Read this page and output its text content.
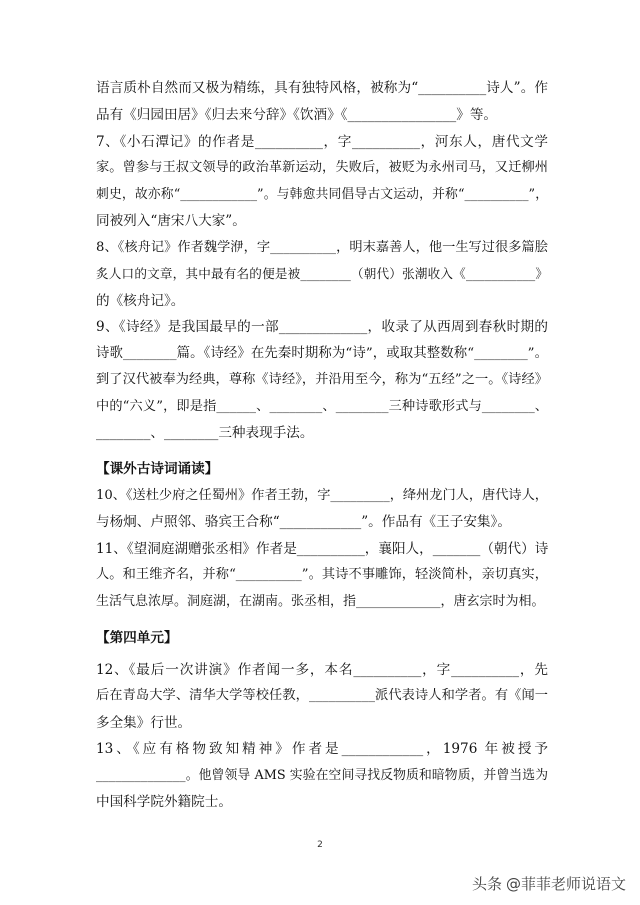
语言质朴自然而又极为精练，具有独特风格，被称为“__________诗人”。作
品有《归园田居》《归去来兮辞》《饮酒》《________________》等。
7、《小石潭记》的作者是__________，字__________，河东人，唐代文学
家。曾参与王叔文领导的政治革新运动，失败后，被贬为永州司马，又迁柳州
刺史，故亦称“____________”。与韩愈共同倡导古文运动，并称“__________”，
同被列入“唐宋八大家”。
8、《核舟记》作者魏学洢，字__________，明末嘉善人，他一生写过很多篇脍
炙人口的文章，其中最有名的便是被________（朝代）张潮收入《___________》
的《核舟记》。
9、《诗经》是我国最早的一部_____________，收录了从西周到春秋时期的
诗歌________篇。《诗经》在先秦时期称为“诗”，或取其整数称“________”。
到了汉代被奉为经典，尊称《诗经》，并沿用至今，称为“五经”之一。《诗经》
中的“六义”，即是指______、________、________三种诗歌形式与________、
________、________三种表现手法。
【课外古诗词诵读】
10、《送杜少府之任蜀州》作者王勃，字_________，绛州龙门人，唐代诗人，
与杨炯、卢照邻、骆宾王合称“____________”。作品有《王子安集》。
11、《望洞庭湖赠张丞相》作者是__________，襄阳人，_______（朝代）诗
人。和王维齐名，并称“__________”。其诗不事雕饰，轻淡简朴，亲切真实，
生活气息浓厚。洞庭湖，在湖南。张丞相，指_____________，唐玄宗时为相。
【第四单元】
12、《最后一次讲演》作者闻一多，本名__________，字__________，先
后在青岛大学、清华大学等校任教，__________派代表诗人和学者。有《闻一
多全集》行世。
13、《应有格物致知精神》作者是____________，1976 年被授予
______________。他曾领导 AMS 实验在空间寻找反物质和暗物质，并曾当选为
中国科学院外籍院士。
2
头条 @菲菲老师说语文
